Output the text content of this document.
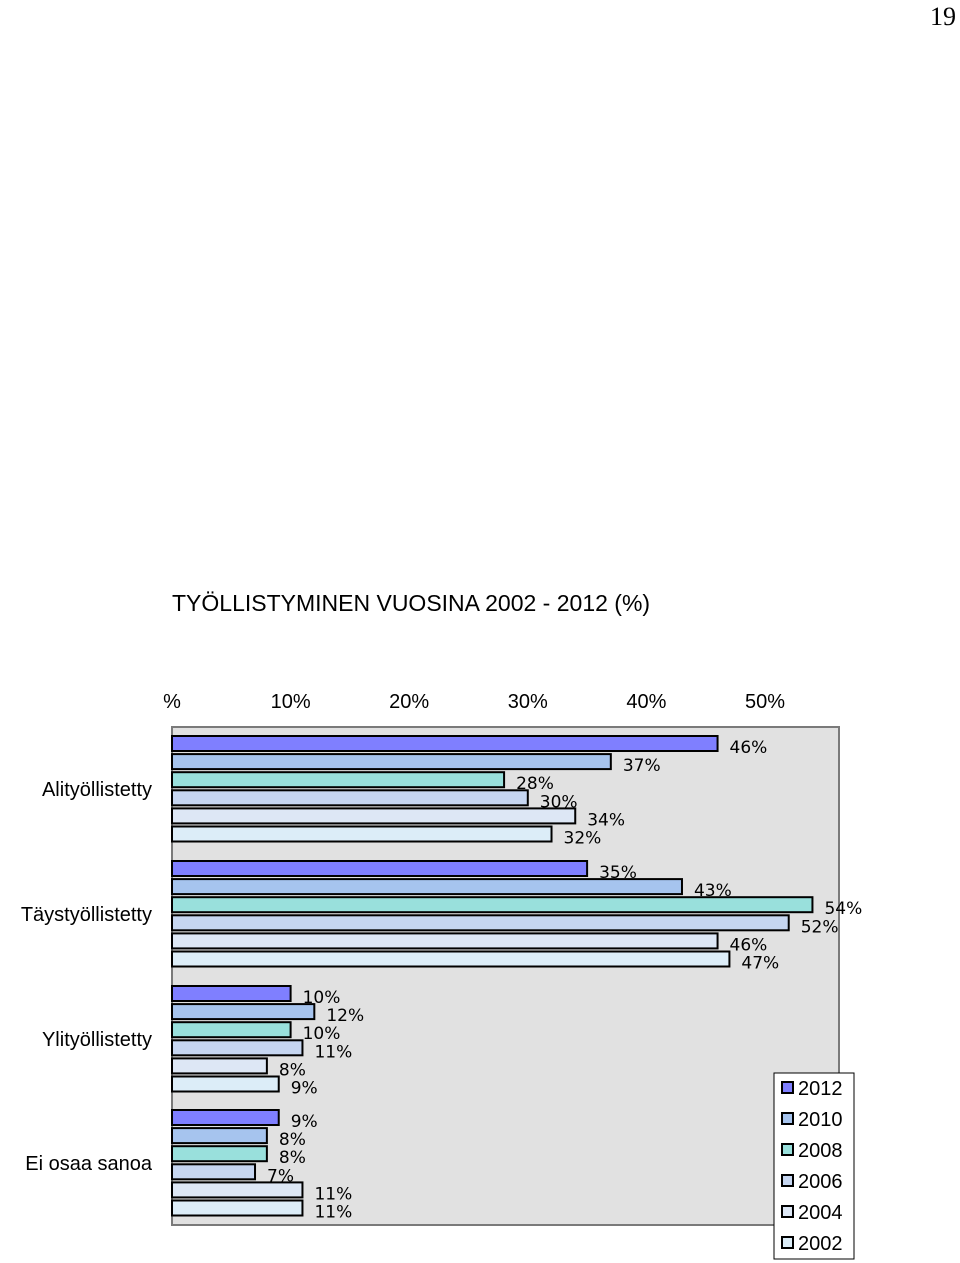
19
TYÖLLISTYMINEN VUOSINA 2002 - 2012 (%)
%	10%	20%	30%	40%	50%
Alityöllistetty
Täystyöllistetty
Ylityöllistetty
Ei osaa sanoa
46%
35%
10%
9%
37%
43%
12%
8%
28%
54%
10%
8%
30%
52%
11%
7%
34%
46%
8%
11%
32%
47%
9%
11%
2012
2010
2008
2006
2004
2002
